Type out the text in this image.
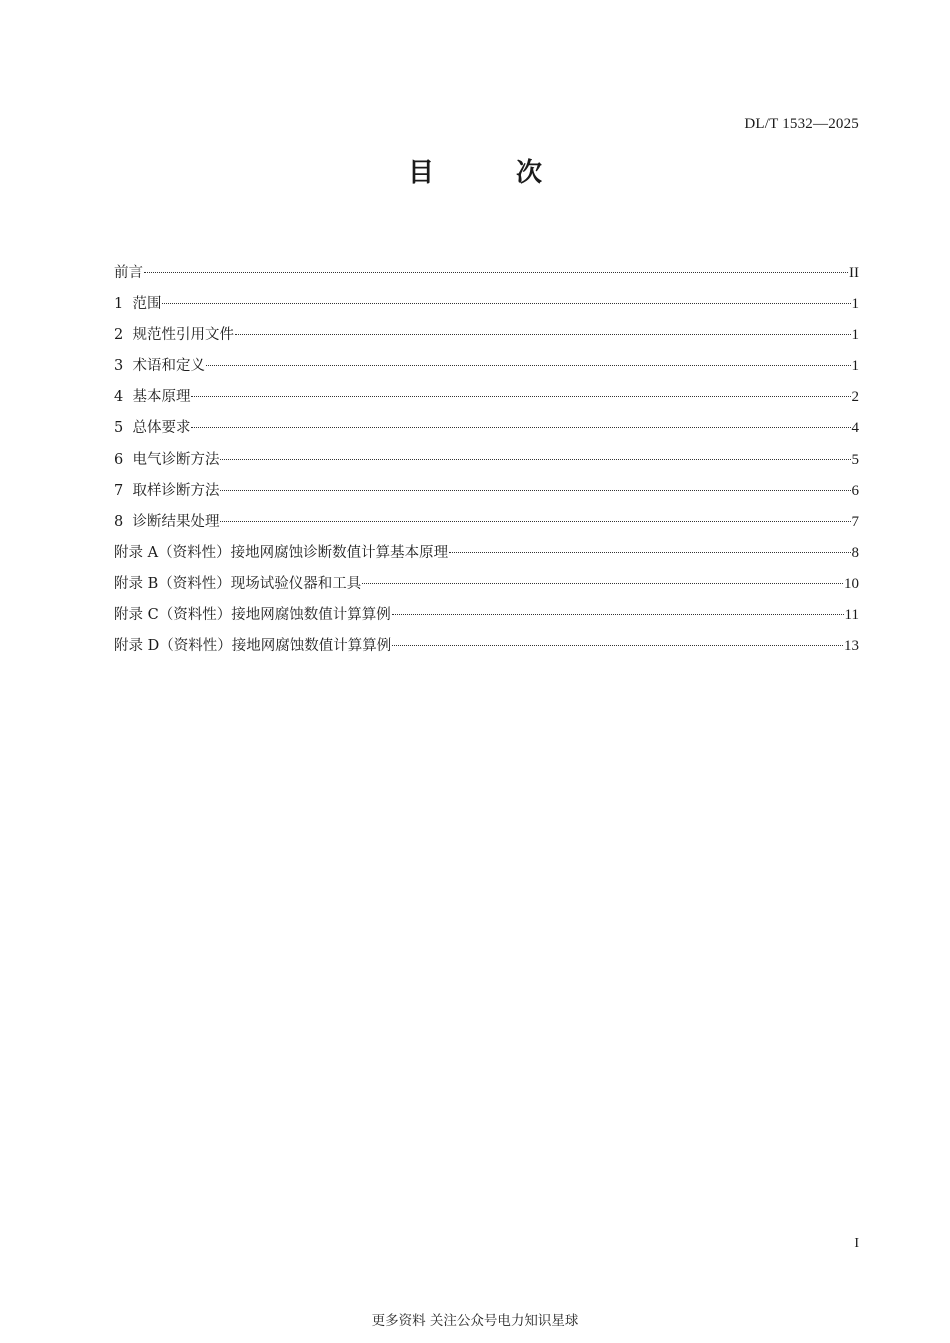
DL/T 1532—2025
目　次
前言	II
1  范围	1
2  规范性引用文件	1
3  术语和定义	1
4  基本原理	2
5  总体要求	4
6  电气诊断方法	5
7  取样诊断方法	6
8  诊断结果处理	7
附录 A（资料性）接地网腐蚀诊断数值计算基本原理	8
附录 B（资料性）现场试验仪器和工具	10
附录 C（资料性）接地网腐蚀数值计算算例	11
附录 D（资料性）接地网腐蚀数值计算算例	13
I
更多资料 关注公众号电力知识星球
